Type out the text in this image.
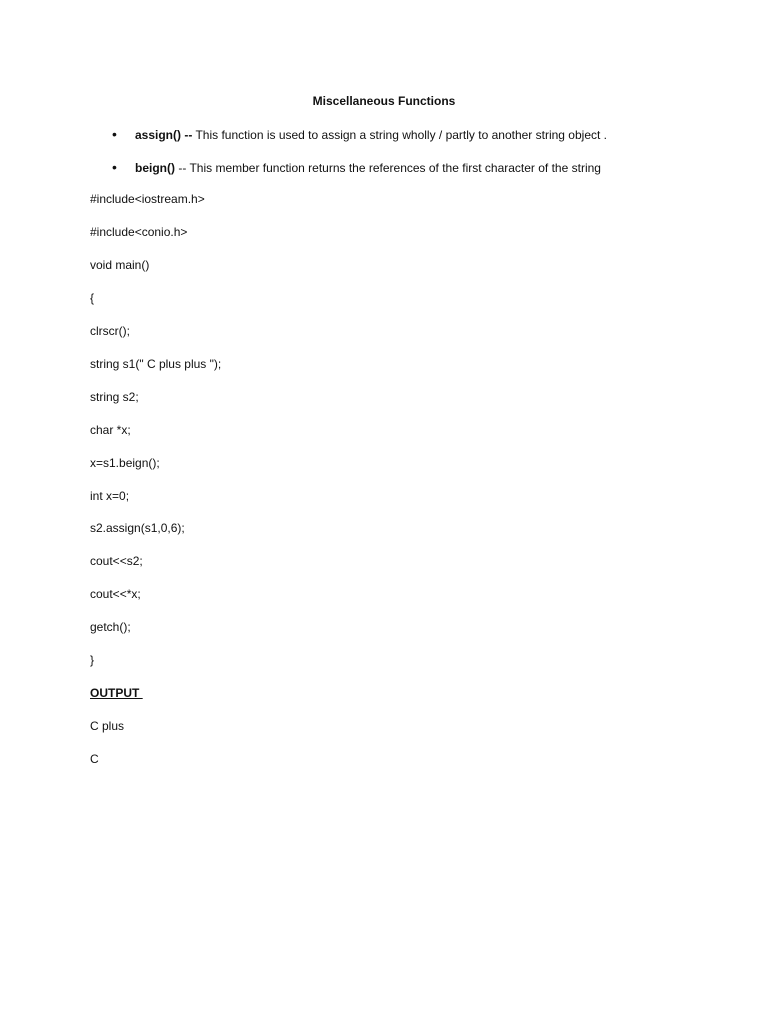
Miscellaneous Functions
• assign() -- This function is used to assign a string wholly / partly to another string object .
• beign() -- This member function returns the references of the first character of the string
#include<iostream.h>
#include<conio.h>
void main()
{
clrscr();
string s1(" C plus plus ");
string s2;
char *x;
x=s1.beign();
int x=0;
s2.assign(s1,0,6);
cout<<s2;
cout<<*x;
getch();
}
OUTPUT
C plus
C
